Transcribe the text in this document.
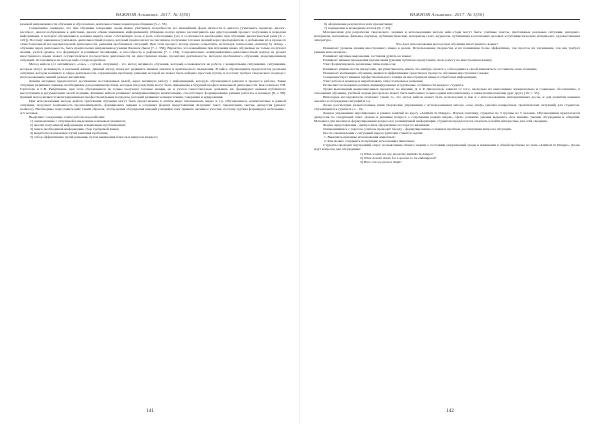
ВАЖНОВ Альманах. 2017. № 3(50)

речевой направленности обучения и обусловлено деятельностным характером общения [5, с. 53].

Совершенно очевидно, что при обучении говорению очень важно учитывать потребности его важнейших форм личности и диалога (учитывать характер, диалог-расспрос, диалог-побуждение к действию, диалог-обмен мнениями, информацией). Общение всегда нужно рассматривать как двусторонний процесс получения и передачи информации, в котором обучающиеся должны видеть свою собственную роль и роль собеседника (это в особенности необходимо при обучении диалогической речи [6, с. 122]). Поэтому заявленное учитывать деятельностный подход, который предполагает не пассивное получение готовых знаний через преподавателя, а добывание их в процессе самостоятельной исследовательской деятельности, решения проблемных ситуаций. При этом процесс всегда нужно осмыслить, используя технологии «learning by doing» - обучение через деятельность, быть предпосылка направленная учения Джоном Дьюи [7, с. 356]. Вероятно, что важнейшие при изучении языка обучаемые не только получают знания, учатся думать, что формирует и развивает мотивацию, и способность к рефлексии [7, с. 164]. Следовательно, коммуникативно-деятельностный подход на уроках иностранного языка может осуществляться посредством деятельности на иностранном языке, проектная деятельность, методом проблемного обучения, моделированием ситуаций. Остановимся на методе кейс-стади подробнее.

Метод кейсов (от английского «case» - случай, ситуация) - это метод активного обучения, который основывается на работе с конкретными ситуациями, ситуациями, которые могут возникнуть в реальной жизни. Данный метод помогает развивать навыки анализа и критического мышления. В кейсе обучающимся предлагается реальная ситуация, которая возникла в сфере деятельности, отражающая проблему, решение которой не может быть найдено простым путем, и поэтому требует творческого подхода с использованием знаний разных дисциплин.

Данная методика предполагает достижение поставленных целей, через активную работу с информацией, которую обучающиеся решают в процессе работы. Такие ситуации развивают навыки, необходимые для решения проблем, которые впоследствии могут быть применены в будущей профессиональной деятельности. Как отмечает Т.Н. Горбатова и С.В. Рыбушкина, при этом обучающиеся не только получают готовые знания, но и учатся самостоятельно добывать их, формируют навыки публичного выступления и аргументации своей позиции. Решение кейсов развивает коммуникативную компетенцию, способствует формированию умения работать в команде [8, с. 98]. Данный метод является интегрированным профессиональным подходом, который развивает навыки чтения, говорения и аудирования.

При использовании метода кейсов требования обучения могут быть представлены в любом виде: письменном, видео и т.д. Обучающиеся, компетентные в данной ситуации, получают возможность проанализировать, формировать навыки в основных формах представления ситуации: текст, презентация, скетчи, дискуссия (диалог, полилог). Необходимо подготовить кейс таким образом, чтобы время обсуждения каждый учащийся смог принять активное участие, поэтому группы формируют небольшие - 4-5 человек.

Выделяют следующие этапы работы над кейсами:

1) ознакомление с ситуацией и выделение ключевых моментов;

2) анализ полученной информации и выявление проблематики;

3) поиск необходимой информации, сбор требуемой языка;

4) выработка возможных путей решения проблемы;

5) отбор эффективных путей решения, путем выявления плюсов и минусов каждого;

141
ВАЖНОВ Альманах. 2017. № 3(50)

6) оформление результатов и их презентация;

7) подведение и возведение итогов [9, с. 23].

Материалами для разработки творческого задания и использования метода кейс-стади могут быть: учебные тексты, проблемные реальные ситуации, интернет-материалы, материалы, фильмы, научные, публицистические, материалы газет, журналов, публикация в различных деловых и публицистических материалах, художественная литература.

Что дает использование метода при обучении иностранного языка?

Повышает уровень знания иностранного языка в целом. Использование творчества и их понимание более эффективно, так простое их заучивание, так как требует умения использовать;

Развивает научные выражения, заставляя думать на языке;

Развивает навыки проведения презентаций (умения публично представить свою работу на иностранном языке);

Учит формулировать различные типы вопросов;

Развивает умение вести дискуссию, аргументировать, иметь что-нибудь сказать у собеседника в своей изменяться, отстаивать свою позицию.

Повышает мотивацию обучения, является эффективным средством в процессе обучения иностранного языка;

Совершенствует навыки профессионального чтения на иностранном языке и обработки информации;

Учит работе в команде и вырабатывать самостоятельное решение;

Позволяет полноценно решить индивидуальные и групповые особенности каждого студента.

Уроки выполнения вышеописанных проектов, по мнению Д. и Р. Джонсонов, зависят от того, насколько их выполнение эмоционально и социально обоснованно, в отношении обучения, учебной задачи (которая не может быть выполнена только одним исполнителем), а также взаимопомощи друг другу [10, с. 35].

Некоторые исследователи отмечают также то, что метод кейсов может быть использован и вне и с использованием интерактивных досок, и для развития навыков анализа и обсуждения ситуаций и т.д.

Далее рассмотрим разработанные нами творческие упражнения с использованием метода «case study» (анализ конкретных, практических ситуаций) для студентов, обучающихся в группе 6-го - 19-.

Данное упражнение апробировано в рамках занятий по курсу «Animals in Danger». Изучая тематику, студенты по 3 группы по 5 человек. Обучающимся предлагается дискуссия по следующей теме: «Issues и решение вопроса о сохранении редких видов». Цель: развитие умения выражать свое мнение, умение обсуждения и общения. Материал для анализа и формулирования вопросов к размещённой информации: студентам предлагается отыскать и найти интересные для себя сведения.

Форма представления - дискуссия и оформление постера по явлениям.

Ознакомившись с текстом, учитель проводит беседу - формулирование основных проблем, рассматривая вопросы ситуации.

После ознакомления с ситуацией перед группами ставятся задачи:

1. Выяснить причины исчезновения животных;

2. Как можно сохранить популяцию исчезающих животных.

Студенты проводят внутренний опрос на выяснение общего знания о состоянии окружающей среды и изменения в общей проблеме по теме «Animals in Danger». Далее идут вопросы для обсуждения:

1) What would we say about the animals in danger?

2) What doesn't mean for a species to be endangered?

3) How can we protect them?

142
